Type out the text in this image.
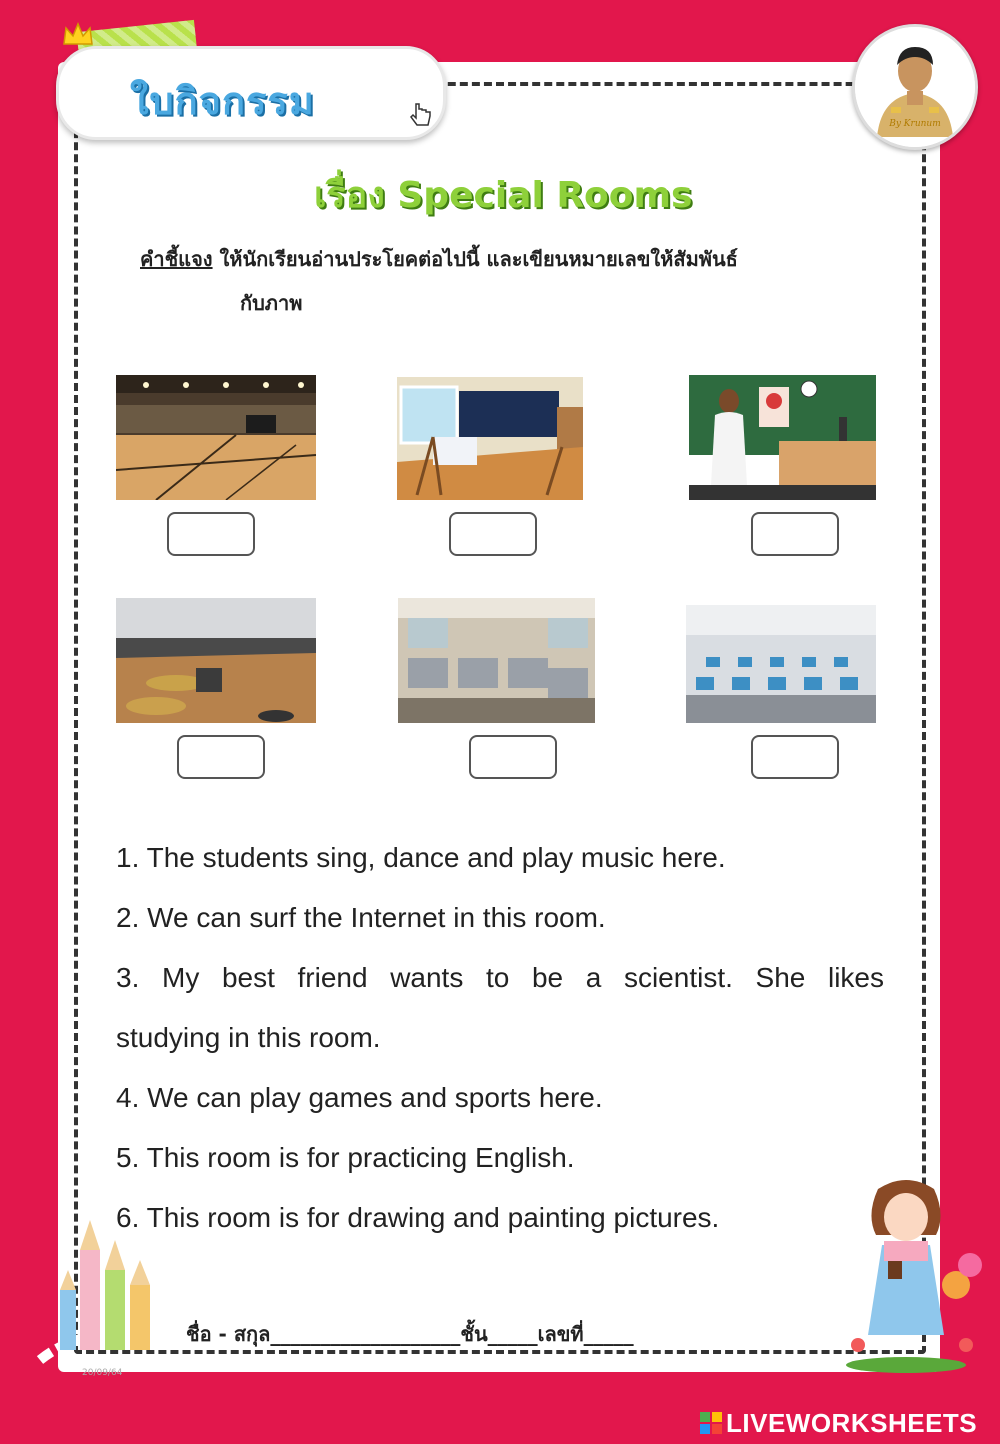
ใบกิจกรรม
By Krunum
เรื่อง Special Rooms
คำชี้แจง ให้นักเรียนอ่านประโยคต่อไปนี้ และเขียนหมายเลขให้สัมพันธ์
กับภาพ
1. The students sing, dance and play music here.
2. We can surf the Internet in this room.
3. My best friend wants to be a scientist. She likes
studying in this room.
4. We can play games and sports here.
5. This room is for practicing English.
6. This room is for drawing and painting pictures.
ชื่อ - สกุล___________________ชั้น_____เลขที่_____
20/09/64
LIVEWORKSHEETS
